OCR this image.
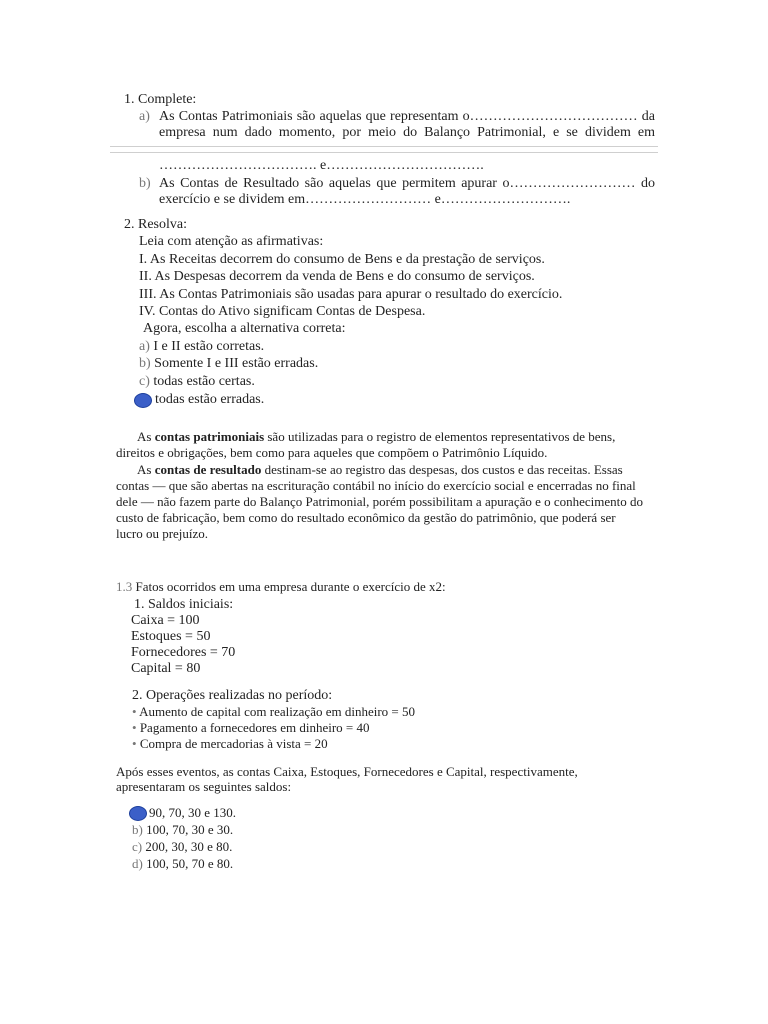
1. Complete:
a) As Contas Patrimoniais são aquelas que representam o……………………………… da
empresa num dado momento, por meio do Balanço Patrimonial, e se dividem em
……………………………. e…………………………….
b) As Contas de Resultado são aquelas que permitem apurar o……………………… do
exercício e se dividem em……………………… e……………………….
2. Resolva:
Leia com atenção as afirmativas:
I. As Receitas decorrem do consumo de Bens e da prestação de serviços.
II. As Despesas decorrem da venda de Bens e do consumo de serviços.
III. As Contas Patrimoniais são usadas para apurar o resultado do exercício.
IV. Contas do Ativo significam Contas de Despesa.
Agora, escolha a alternativa correta:
a) I e II estão corretas.
b) Somente I e III estão erradas.
c) todas estão certas.
todas estão erradas.
As contas patrimoniais são utilizadas para o registro de elementos representativos de bens,
direitos e obrigações, bem como para aqueles que compõem o Patrimônio Líquido.
As contas de resultado destinam-se ao registro das despesas, dos custos e das receitas. Essas
contas — que são abertas na escrituração contábil no início do exercício social e encerradas no final
dele — não fazem parte do Balanço Patrimonial, porém possibilitam a apuração e o conhecimento do
custo de fabricação, bem como do resultado econômico da gestão do patrimônio, que poderá ser
lucro ou prejuízo.
1.3 Fatos ocorridos em uma empresa durante o exercício de x2:
1. Saldos iniciais:
Caixa = 100
Estoques = 50
Fornecedores = 70
Capital = 80
2. Operações realizadas no período:
• Aumento de capital com realização em dinheiro = 50
• Pagamento a fornecedores em dinheiro = 40
• Compra de mercadorias à vista = 20
Após esses eventos, as contas Caixa, Estoques, Fornecedores e Capital, respectivamente,
apresentaram os seguintes saldos:
90, 70, 30 e 130.
b) 100, 70, 30 e 30.
c) 200, 30, 30 e 80.
d) 100, 50, 70 e 80.
